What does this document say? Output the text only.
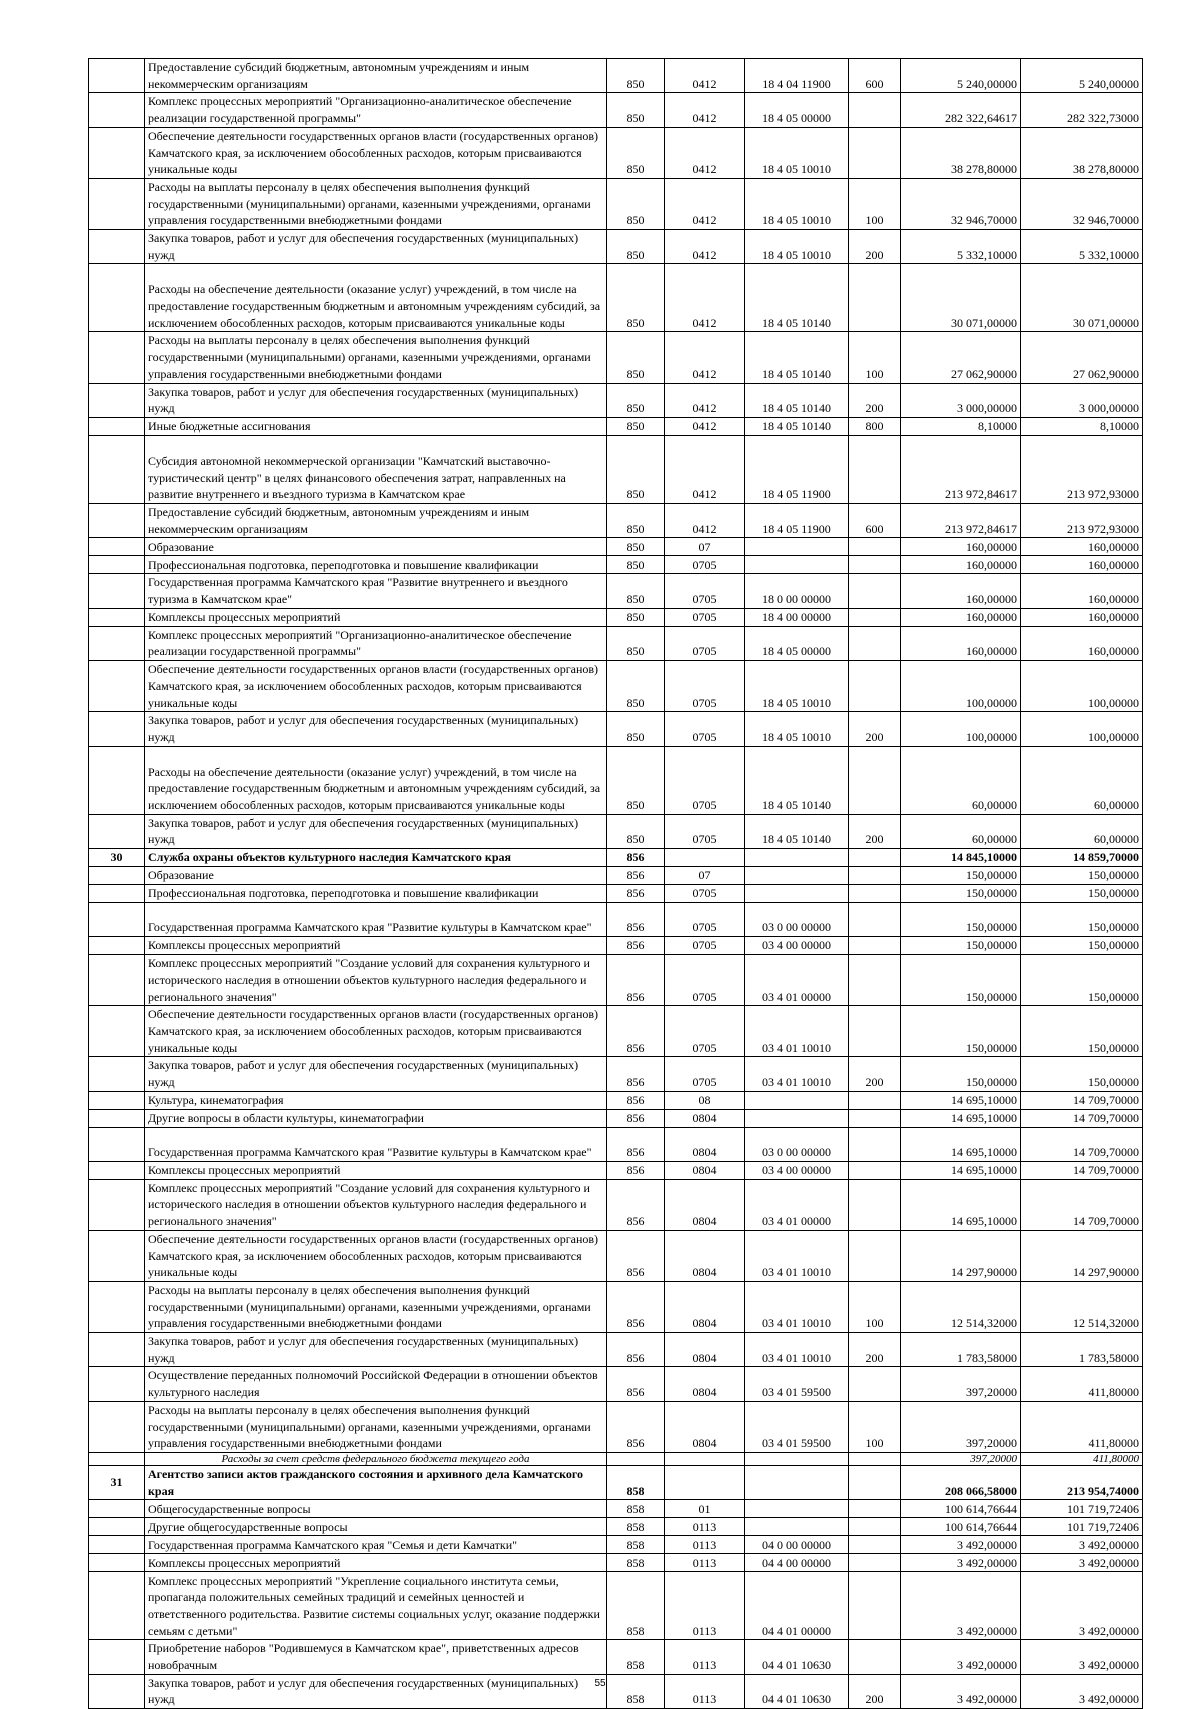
	Предоставление субсидий бюджетным, автономным учреждениям и иным некоммерческим организациям	850	0412	18 4 04 11900	600	5 240,00000	5 240,00000
	Комплекс процессных мероприятий "Организационно-аналитическое обеспечение реализации государственной программы"	850	0412	18 4 05 00000		282 322,64617	282 322,73000
	Обеспечение деятельности государственных органов власти (государственных органов) Камчатского края, за исключением обособленных расходов, которым присваиваются уникальные коды	850	0412	18 4 05 10010		38 278,80000	38 278,80000
	Расходы на выплаты персоналу в целях обеспечения выполнения функций государственными (муниципальными) органами, казенными учреждениями, органами управления государственными внебюджетными фондами	850	0412	18 4 05 10010	100	32 946,70000	32 946,70000
	Закупка товаров, работ и услуг для обеспечения государственных (муниципальных) нужд	850	0412	18 4 05 10010	200	5 332,10000	5 332,10000
	Расходы на обеспечение деятельности (оказание услуг) учреждений, в том числе на предоставление государственным бюджетным и автономным учреждениям субсидий, за исключением обособленных расходов, которым присваиваются уникальные коды	850	0412	18 4 05 10140		30 071,00000	30 071,00000
	Расходы на выплаты персоналу в целях обеспечения выполнения функций государственными (муниципальными) органами, казенными учреждениями, органами управления государственными внебюджетными фондами	850	0412	18 4 05 10140	100	27 062,90000	27 062,90000
	Закупка товаров, работ и услуг для обеспечения государственных (муниципальных) нужд	850	0412	18 4 05 10140	200	3 000,00000	3 000,00000
	Иные бюджетные ассигнования	850	0412	18 4 05 10140	800	8,10000	8,10000
	Субсидия автономной некоммерческой организации "Камчатский выставочно-туристический центр" в целях финансового обеспечения затрат, направленных на развитие внутреннего и въездного туризма в Камчатском крае	850	0412	18 4 05 11900		213 972,84617	213 972,93000
	Предоставление субсидий бюджетным, автономным учреждениям и иным некоммерческим организациям	850	0412	18 4 05 11900	600	213 972,84617	213 972,93000
	Образование	850	07			160,00000	160,00000
	Профессиональная подготовка, переподготовка и повышение квалификации	850	0705			160,00000	160,00000
	Государственная программа Камчатского края "Развитие внутреннего и въездного туризма в Камчатском крае"	850	0705	18 0 00 00000		160,00000	160,00000
	Комплексы процессных мероприятий	850	0705	18 4 00 00000		160,00000	160,00000
	Комплекс процессных мероприятий "Организационно-аналитическое обеспечение реализации государственной программы"	850	0705	18 4 05 00000		160,00000	160,00000
	Обеспечение деятельности государственных органов власти (государственных органов) Камчатского края, за исключением обособленных расходов, которым присваиваются уникальные коды	850	0705	18 4 05 10010		100,00000	100,00000
	Закупка товаров, работ и услуг для обеспечения государственных (муниципальных) нужд	850	0705	18 4 05 10010	200	100,00000	100,00000
	Расходы на обеспечение деятельности (оказание услуг) учреждений, в том числе на предоставление государственным бюджетным и автономным учреждениям субсидий, за исключением обособленных расходов, которым присваиваются уникальные коды	850	0705	18 4 05 10140		60,00000	60,00000
	Закупка товаров, работ и услуг для обеспечения государственных (муниципальных) нужд	850	0705	18 4 05 10140	200	60,00000	60,00000
30	Служба охраны объектов культурного наследия Камчатского края	856				14 845,10000	14 859,70000
	Образование	856	07			150,00000	150,00000
	Профессиональная подготовка, переподготовка и повышение квалификации	856	0705			150,00000	150,00000
	Государственная программа Камчатского края "Развитие культуры в Камчатском крае"	856	0705	03 0 00 00000		150,00000	150,00000
	Комплексы процессных мероприятий	856	0705	03 4 00 00000		150,00000	150,00000
	Комплекс процессных мероприятий "Создание условий для сохранения культурного и исторического наследия в отношении объектов культурного наследия федерального и регионального значения"	856	0705	03 4 01 00000		150,00000	150,00000
	Обеспечение деятельности государственных органов власти (государственных органов) Камчатского края, за исключением обособленных расходов, которым присваиваются уникальные коды	856	0705	03 4 01 10010		150,00000	150,00000
	Закупка товаров, работ и услуг для обеспечения государственных (муниципальных) нужд	856	0705	03 4 01 10010	200	150,00000	150,00000
	Культура, кинематография	856	08			14 695,10000	14 709,70000
	Другие вопросы в области культуры, кинематографии	856	0804			14 695,10000	14 709,70000
	Государственная программа Камчатского края "Развитие культуры в Камчатском крае"	856	0804	03 0 00 00000		14 695,10000	14 709,70000
	Комплексы процессных мероприятий	856	0804	03 4 00 00000		14 695,10000	14 709,70000
	Комплекс процессных мероприятий "Создание условий для сохранения культурного и исторического наследия в отношении объектов культурного наследия федерального и регионального значения"	856	0804	03 4 01 00000		14 695,10000	14 709,70000
	Обеспечение деятельности государственных органов власти (государственных органов) Камчатского края, за исключением обособленных расходов, которым присваиваются уникальные коды	856	0804	03 4 01 10010		14 297,90000	14 297,90000
	Расходы на выплаты персоналу в целях обеспечения выполнения функций государственными (муниципальными) органами, казенными учреждениями, органами управления государственными внебюджетными фондами	856	0804	03 4 01 10010	100	12 514,32000	12 514,32000
	Закупка товаров, работ и услуг для обеспечения государственных (муниципальных) нужд	856	0804	03 4 01 10010	200	1 783,58000	1 783,58000
	Осуществление переданных полномочий Российской Федерации в отношении объектов культурного наследия	856	0804	03 4 01 59500		397,20000	411,80000
	Расходы на выплаты персоналу в целях обеспечения выполнения функций государственными (муниципальными) органами, казенными учреждениями, органами управления государственными внебюджетными фондами	856	0804	03 4 01 59500	100	397,20000	411,80000
	Расходы за счет средств федерального бюджета текущего года					397,20000	411,80000
31	Агентство записи актов гражданского состояния и архивного дела Камчатского края	858				208 066,58000	213 954,74000
	Общегосударственные вопросы	858	01			100 614,76644	101 719,72406
	Другие общегосударственные вопросы	858	0113			100 614,76644	101 719,72406
	Государственная программа Камчатского края "Семья и дети Камчатки"	858	0113	04 0 00 00000		3 492,00000	3 492,00000
	Комплексы процессных мероприятий	858	0113	04 4 00 00000		3 492,00000	3 492,00000
	Комплекс процессных мероприятий "Укрепление социального института семьи, пропаганда положительных семейных традиций и семейных ценностей и ответственного родительства. Развитие системы социальных услуг, оказание поддержки семьям с детьми"	858	0113	04 4 01 00000		3 492,00000	3 492,00000
	Приобретение наборов "Родившемуся в Камчатском крае", приветственных адресов новобрачным	858	0113	04 4 01 10630		3 492,00000	3 492,00000
	Закупка товаров, работ и услуг для обеспечения государственных (муниципальных) нужд	858	0113	04 4 01 10630	200	3 492,00000	3 492,00000
55
